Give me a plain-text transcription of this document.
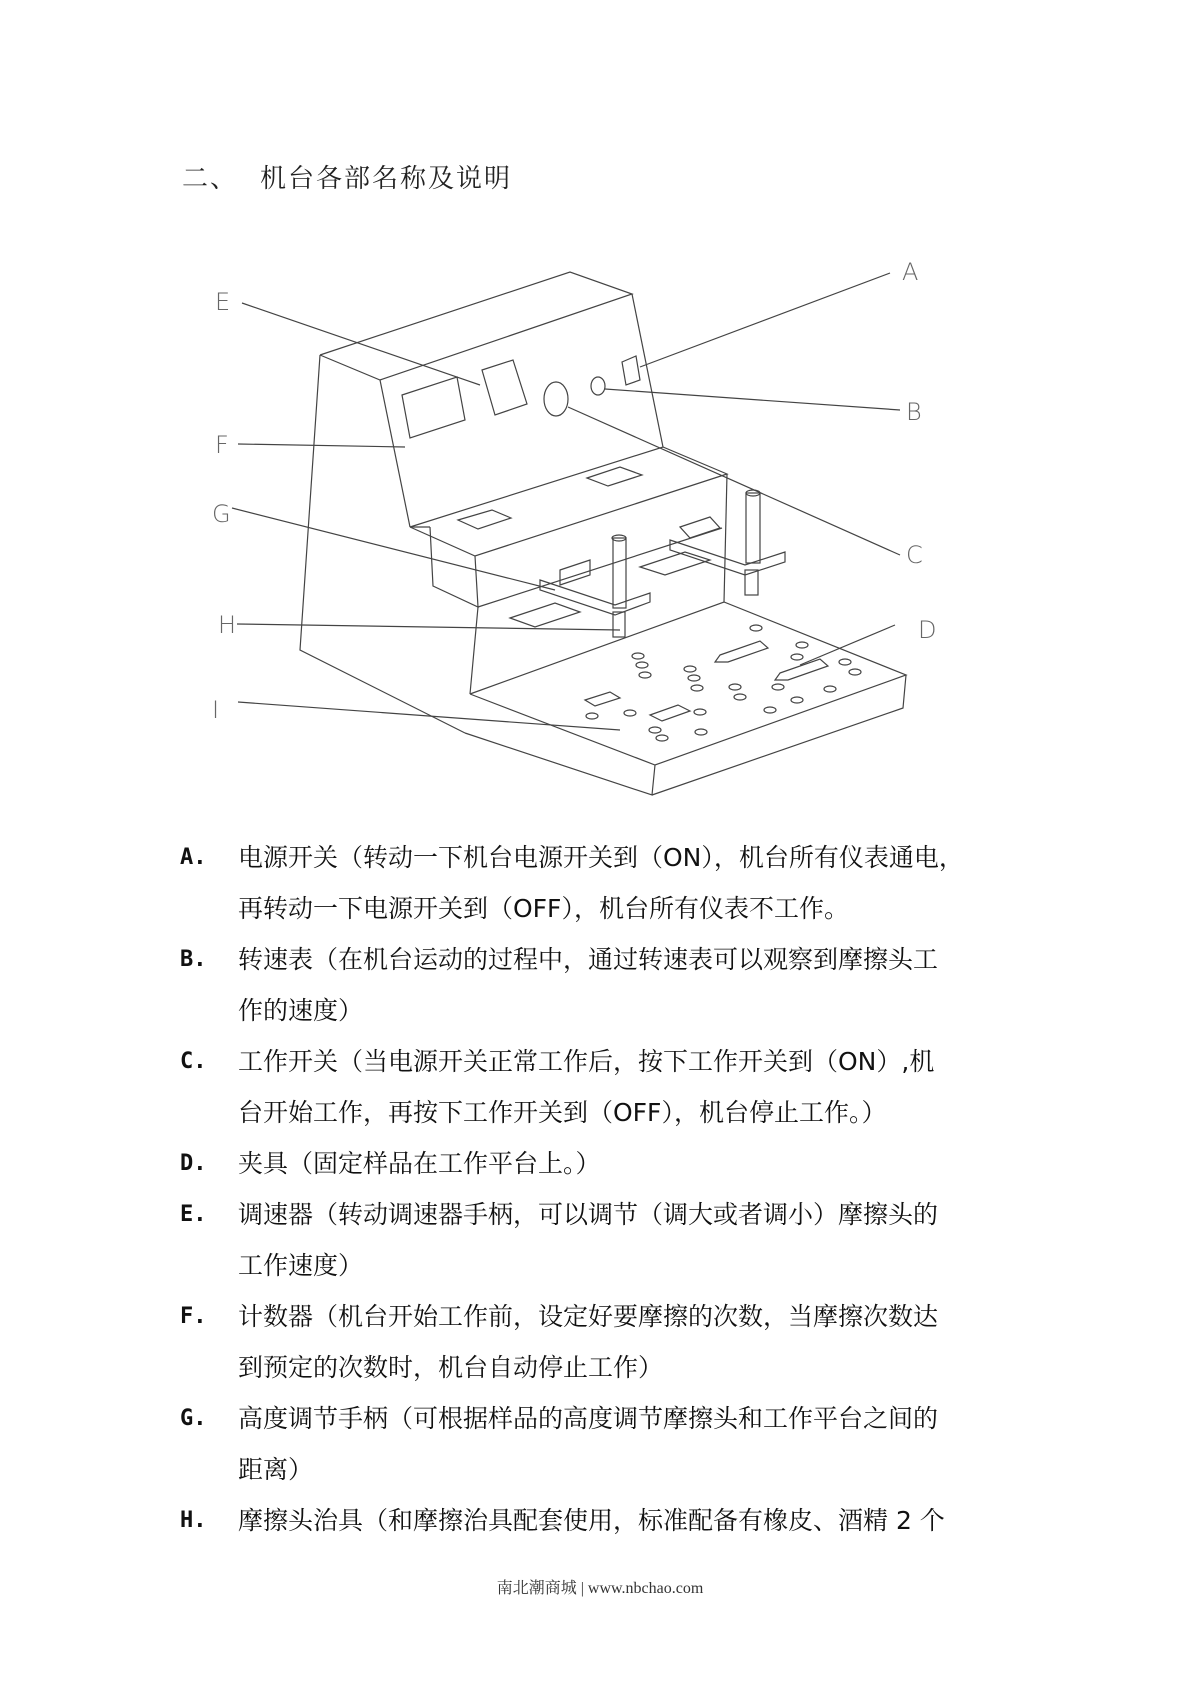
二、 机台各部名称及说明
A
B
C
D
E
F
G
H
I
A. 电源开关（转动一下机台电源开关到（ON），机台所有仪表通电，
再转动一下电源开关到（OFF），机台所有仪表不工作。
B. 转速表（在机台运动的过程中，通过转速表可以观察到摩擦头工
作的速度）
C. 工作开关（当电源开关正常工作后，按下工作开关到（ON）,机
台开始工作，再按下工作开关到（OFF），机台停止工作。）
D. 夹具（固定样品在工作平台上。）
E. 调速器（转动调速器手柄，可以调节（调大或者调小）摩擦头的
工作速度）
F. 计数器（机台开始工作前，设定好要摩擦的次数，当摩擦次数达
到预定的次数时，机台自动停止工作）
G. 高度调节手柄（可根据样品的高度调节摩擦头和工作平台之间的
距离）
H. 摩擦头治具（和摩擦治具配套使用，标准配备有橡皮、酒精 2 个
南北潮商城 | www.nbchao.com
